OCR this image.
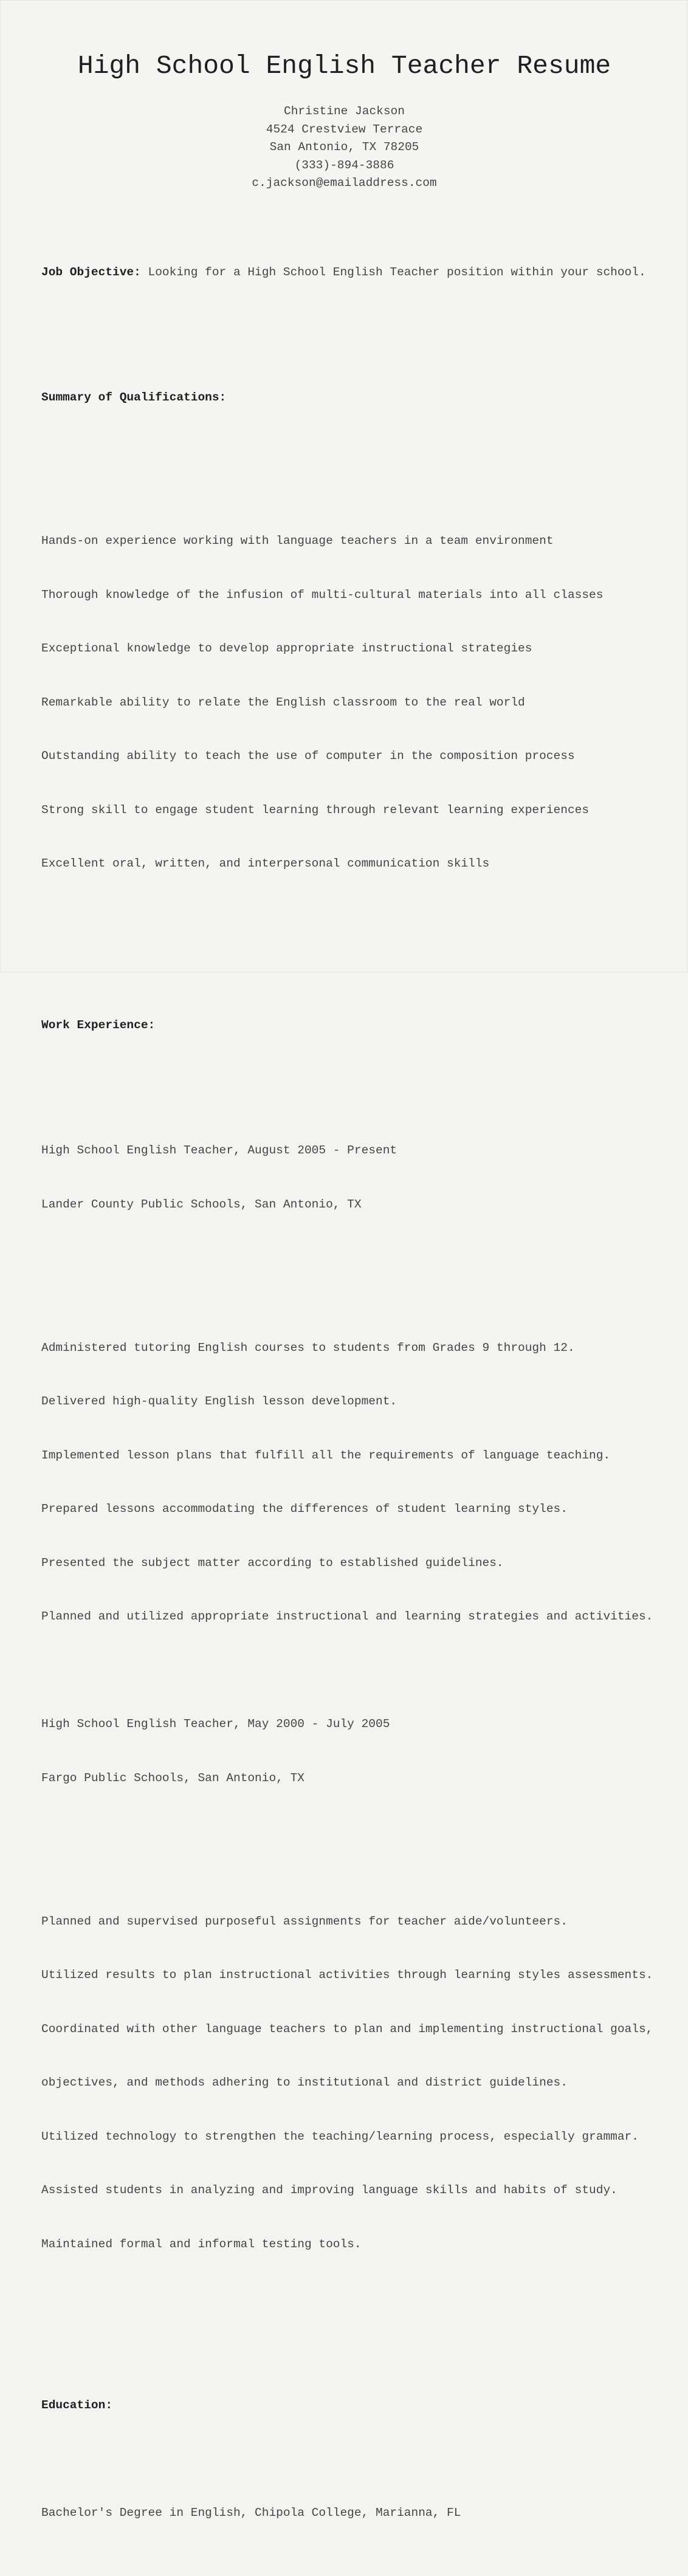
High School English Teacher Resume
Christine Jackson
4524 Crestview Terrace
San Antonio, TX 78205
(333)-894-3886
c.jackson@emailaddress.com

Job Objective: Looking for a High School English Teacher position within your school.

Summary of Qualifications:

Hands-on experience working with language teachers in a team environment

Thorough knowledge of the infusion of multi-cultural materials into all classes

Exceptional knowledge to develop appropriate instructional strategies

Remarkable ability to relate the English classroom to the real world

Outstanding ability to teach the use of computer in the composition process

Strong skill to engage student learning through relevant learning experiences

Excellent oral, written, and interpersonal communication skills

Work Experience:

High School English Teacher, August 2005 - Present

Lander County Public Schools, San Antonio, TX

Administered tutoring English courses to students from Grades 9 through 12.

Delivered high-quality English lesson development.

Implemented lesson plans that fulfill all the requirements of language teaching.

Prepared lessons accommodating the differences of student learning styles.

Presented the subject matter according to established guidelines.

Planned and utilized appropriate instructional and learning strategies and activities.

High School English Teacher, May 2000 - July 2005

Fargo Public Schools, San Antonio, TX

Planned and supervised purposeful assignments for teacher aide/volunteers.

Utilized results to plan instructional activities through learning styles assessments.

Coordinated with other language teachers to plan and implementing instructional goals,

objectives, and methods adhering to institutional and district guidelines.

Utilized technology to strengthen the teaching/learning process, especially grammar.

Assisted students in analyzing and improving language skills and habits of study.

Maintained formal and informal testing tools.

Education:

Bachelor's Degree in English, Chipola College, Marianna, FL
